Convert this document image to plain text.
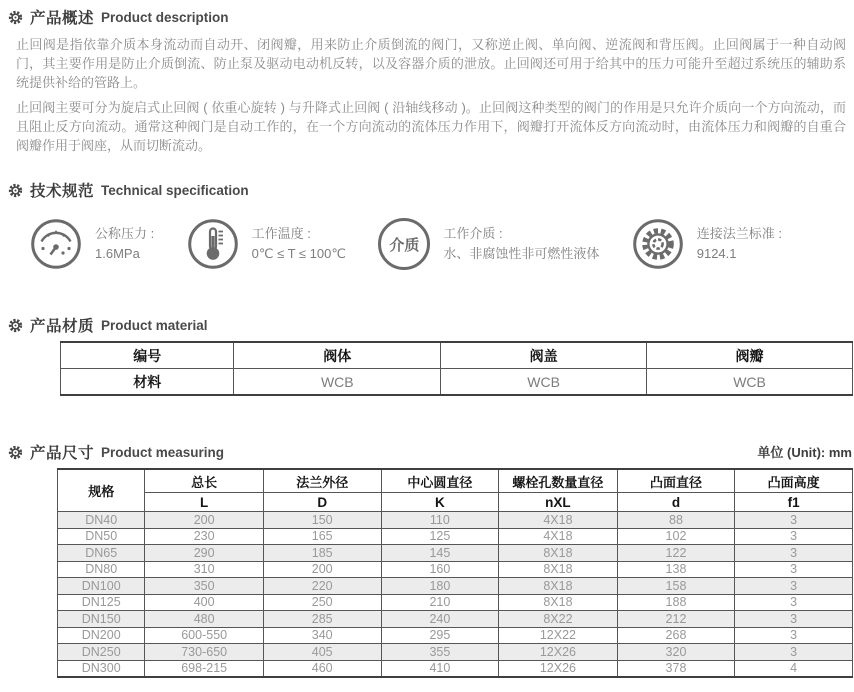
产品概述 Product description

止回阀是指依靠介质本身流动而自动开、闭阀瓣，用来防止介质倒流的阀门，又称逆止阀、单向阀、逆流阀和背压阀。止回阀属于一种自动阀门，其主要作用是防止介质倒流、防止泵及驱动电动机反转，以及容器介质的泄放。止回阀还可用于给其中的压力可能升至超过系统压的辅助系统提供补给的管路上。

止回阀主要可分为旋启式止回阀 ( 依重心旋转 ) 与升降式止回阀 ( 沿轴线移动 )。止回阀这种类型的阀门的作用是只允许介质向一个方向流动，而且阻止反方向流动。通常这种阀门是自动工作的，在一个方向流动的流体压力作用下，阀瓣打开流体反方向流动时，由流体压力和阀瓣的自重合阀瓣作用于阀座，从而切断流动。

技术规范 Technical specification
公称压力 :
1.6MPa
工作温度 :
0℃ ≤ T ≤ 100℃	介质
工作介质 :
水、非腐蚀性非可燃性液体
连接法兰标准 :
9124.1
产品材质 Product material
编号	阀体	阀盖	阀瓣
材料	WCB	WCB	WCB
产品尺寸 Product measuring	单位 (Unit): mm
规格	总长	法兰外径	中心圆直径	螺栓孔数量直径	凸面直径	凸面高度
	L	D	K	nXL	d	f1
DN40	200	150	110	4X18	88	3
DN50	230	165	125	4X18	102	3
DN65	290	185	145	8X18	122	3
DN80	310	200	160	8X18	138	3
DN100	350	220	180	8X18	158	3
DN125	400	250	210	8X18	188	3
DN150	480	285	240	8X22	212	3
DN200	600-550	340	295	12X22	268	3
DN250	730-650	405	355	12X26	320	3
DN300	698-215	460	410	12X26	378	4
